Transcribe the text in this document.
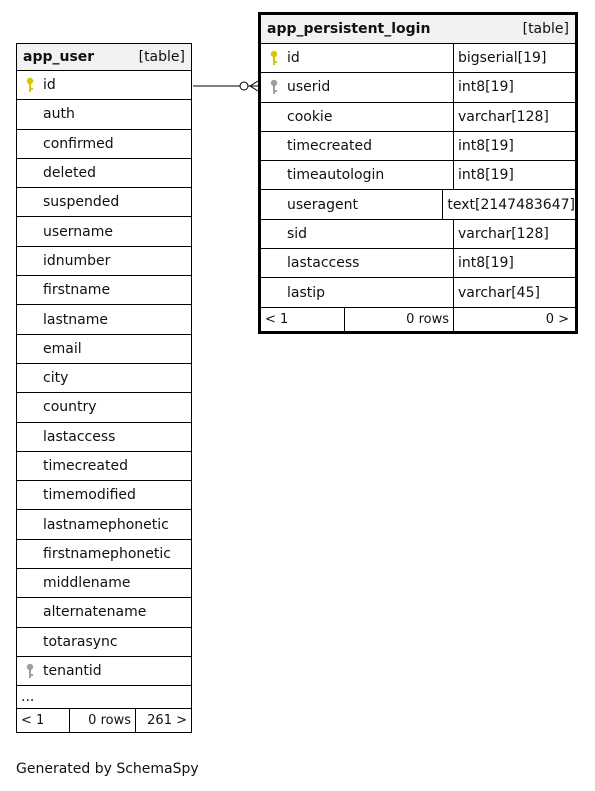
app_user	[table]
id
auth
confirmed
deleted
suspended
username
idnumber
firstname
lastname
email
city
country
lastaccess
timecreated
timemodified
lastnamephonetic
firstnamephonetic
middlename
alternatename
totarasync
tenantid
...
< 1	0 rows	261 >
app_persistent_login	[table]
id	bigserial[19]
userid	int8[19]
cookie	varchar[128]
timecreated	int8[19]
timeautologin	int8[19]
useragent	text[2147483647]
sid	varchar[128]
lastaccess	int8[19]
lastip	varchar[45]
< 1	0 rows	0 >
Generated by SchemaSpy
